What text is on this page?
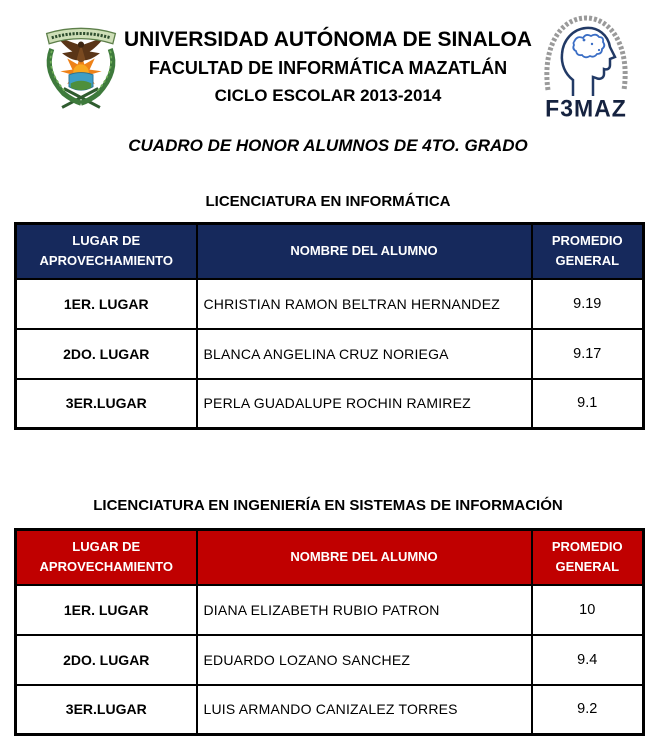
UNIVERSIDAD AUTÓNOMA DE SINALOA
FACULTAD DE INFORMÁTICA MAZATLÁN
CICLO ESCOLAR 2013-2014	F3MAZ
CUADRO DE HONOR ALUMNOS DE 4TO. GRADO
LICENCIATURA EN INFORMÁTICA
LUGAR DE APROVECHAMIENTO	NOMBRE DEL ALUMNO	PROMEDIO GENERAL
1ER. LUGAR	CHRISTIAN RAMON BELTRAN HERNANDEZ	9.19
2DO. LUGAR	BLANCA ANGELINA CRUZ NORIEGA	9.17
3ER.LUGAR	PERLA GUADALUPE ROCHIN RAMIREZ	9.1
LICENCIATURA EN INGENIERÍA EN SISTEMAS DE INFORMACIÓN
LUGAR DE APROVECHAMIENTO	NOMBRE DEL ALUMNO	PROMEDIO GENERAL
1ER. LUGAR	DIANA ELIZABETH RUBIO PATRON	10
2DO. LUGAR	EDUARDO LOZANO SANCHEZ	9.4
3ER.LUGAR	LUIS ARMANDO CANIZALEZ TORRES	9.2
